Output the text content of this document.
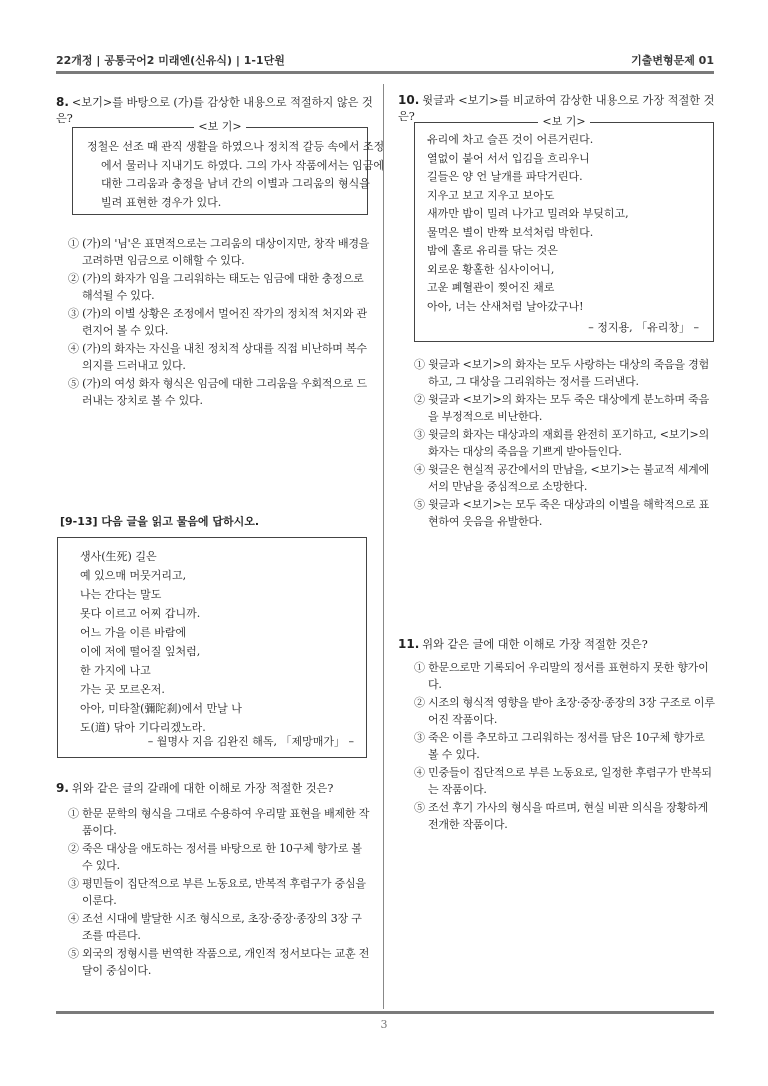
22개정 | 공통국어2 미래엔(신유식) | 1-1단원	기출변형문제 01
8. <보기>를 바탕으로 (가)를 감상한 내용으로 적절하지 않은 것은?
<보 기>
정철은 선조 때 관직 생활을 하였으나 정치적 갈등 속에서 조정
에서 물러나 지내기도 하였다. 그의 가사 작품에서는 임금에
대한 그리움과 충정을 남녀 간의 이별과 그리움의 형식을
빌려 표현한 경우가 있다.
① (가)의 '님'은 표면적으로는 그리움의 대상이지만, 창작 배경을 고려하면 임금으로 이해할 수 있다.
② (가)의 화자가 임을 그리워하는 태도는 임금에 대한 충정으로 해석될 수 있다.
③ (가)의 이별 상황은 조정에서 멀어진 작가의 정치적 처지와 관련지어 볼 수 있다.
④ (가)의 화자는 자신을 내친 정치적 상대를 직접 비난하며 복수 의지를 드러내고 있다.
⑤ (가)의 여성 화자 형식은 임금에 대한 그리움을 우회적으로 드러내는 장치로 볼 수 있다.
[9-13] 다음 글을 읽고 물음에 답하시오.
생사(生死) 길은
예 있으매 머뭇거리고,
나는 간다는 말도
못다 이르고 어찌 갑니까.
어느 가을 이른 바람에
이에 저에 떨어질 잎처럼,
한 가지에 나고
가는 곳 모르온저.
아아, 미타찰(彌陀刹)에서 만날 나
도(道) 닦아 기다리겠노라.
– 월명사 지음 김완진 해독, 「제망매가」 –
9. 위와 같은 글의 갈래에 대한 이해로 가장 적절한 것은?
① 한문 문학의 형식을 그대로 수용하여 우리말 표현을 배제한 작품이다.
② 죽은 대상을 애도하는 정서를 바탕으로 한 10구체 향가로 볼 수 있다.
③ 평민들이 집단적으로 부른 노동요로, 반복적 후렴구가 중심을 이룬다.
④ 조선 시대에 발달한 시조 형식으로, 초장·중장·종장의 3장 구조를 따른다.
⑤ 외국의 정형시를 번역한 작품으로, 개인적 정서보다는 교훈 전달이 중심이다.
10. 윗글과 <보기>를 비교하여 감상한 내용으로 가장 적절한 것은?	<보 기>
유리에 차고 슬픈 것이 어른거린다.
열없이 붙어 서서 입김을 흐리우니
길들은 양 언 날개를 파닥거린다.
지우고 보고 지우고 보아도
새까만 밤이 밀려 나가고 밀려와 부딪히고,
물먹은 별이 반짝 보석처럼 박힌다.
밤에 홀로 유리를 닦는 것은
외로운 황홀한 심사이어니,
고운 폐혈관이 찢어진 채로
아아, 너는 산새처럼 날아갔구나!
– 정지용, 「유리창」 –
① 윗글과 <보기>의 화자는 모두 사랑하는 대상의 죽음을 경험하고, 그 대상을 그리워하는 정서를 드러낸다.
② 윗글과 <보기>의 화자는 모두 죽은 대상에게 분노하며 죽음을 부정적으로 비난한다.
③ 윗글의 화자는 대상과의 재회를 완전히 포기하고, <보기>의 화자는 대상의 죽음을 기쁘게 받아들인다.
④ 윗글은 현실적 공간에서의 만남을, <보기>는 불교적 세계에서의 만남을 중심적으로 소망한다.
⑤ 윗글과 <보기>는 모두 죽은 대상과의 이별을 해학적으로 표현하여 웃음을 유발한다.
11. 위와 같은 글에 대한 이해로 가장 적절한 것은?
① 한문으로만 기록되어 우리말의 정서를 표현하지 못한 향가이다.
② 시조의 형식적 영향을 받아 초장·중장·종장의 3장 구조로 이루어진 작품이다.
③ 죽은 이를 추모하고 그리워하는 정서를 담은 10구체 향가로 볼 수 있다.
④ 민중들이 집단적으로 부른 노동요로, 일정한 후렴구가 반복되는 작품이다.
⑤ 조선 후기 가사의 형식을 따르며, 현실 비판 의식을 장황하게 전개한 작품이다.
3
